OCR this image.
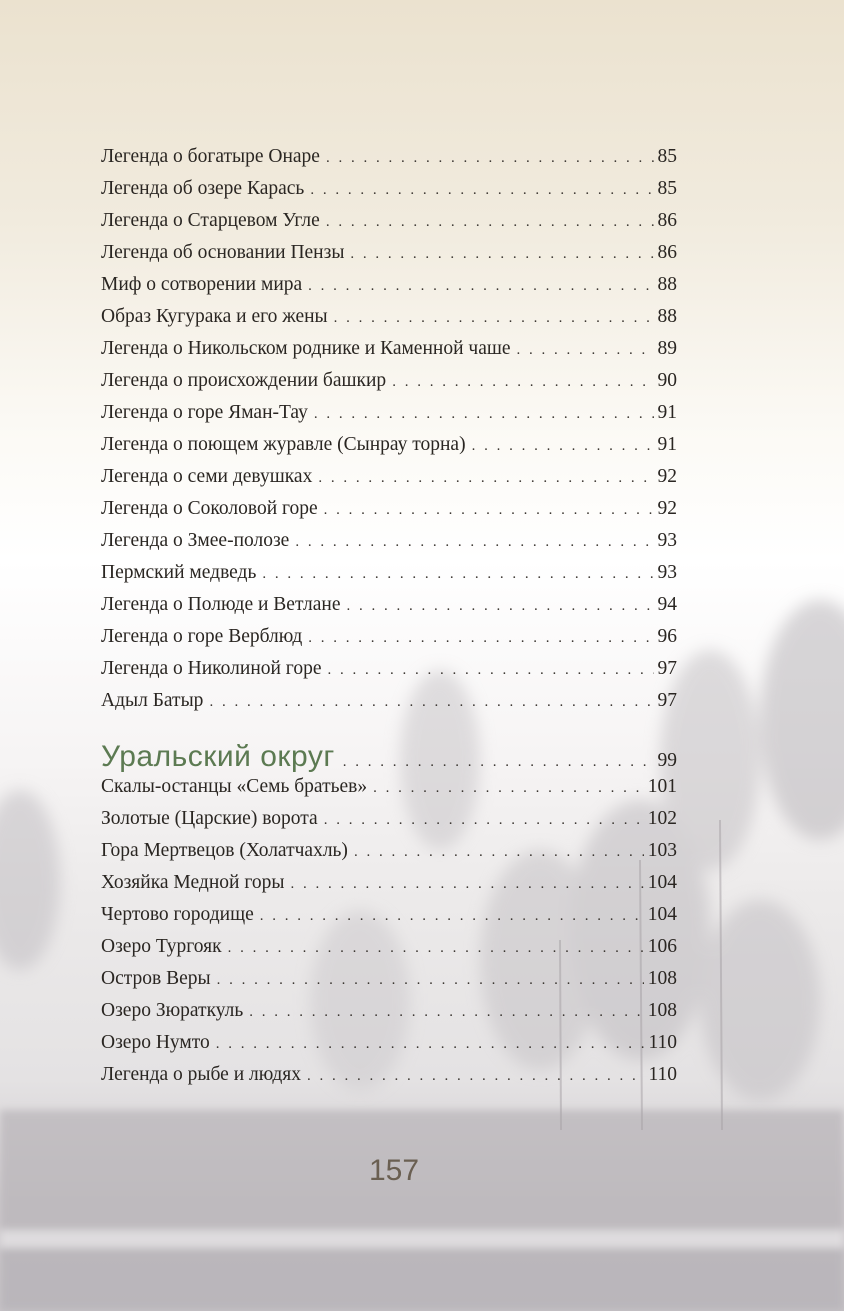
Легенда о богатыре Онаре . . .	85
Легенда об озере Карась . . .	85
Легенда о Старцевом Угле . . .	86
Легенда об основании Пензы . . .	86
Миф о сотворении мира . . .	88
Образ Кугурака и его жены . . .	88
Легенда о Никольском роднике и Каменной чаше . . .	89
Легенда о происхождении башкир . . .	90
Легенда о горе Яман-Тау . . .	91
Легенда о поющем журавле (Сынрау торна) . . .	91
Легенда о семи девушках . . .	92
Легенда о Соколовой горе . . .	92
Легенда о Змее-полозе . . .	93
Пермский медведь . . .	93
Легенда о Полюде и Ветлане . . .	94
Легенда о горе Верблюд . . .	96
Легенда о Николиной горе . . .	97
Адыл Батыр . . .	97
Уральский округ . . .	99
Скалы-останцы «Семь братьев» . . .	101
Золотые (Царские) ворота . . .	102
Гора Мертвецов (Холатчахль) . . .	103
Хозяйка Медной горы . . .	104
Чертово городище . . .	104
Озеро Тургояк . . .	106
Остров Веры . . .	108
Озеро Зюраткуль . . .	108
Озеро Нумто . . .	110
Легенда о рыбе и людях . . .	110
157
